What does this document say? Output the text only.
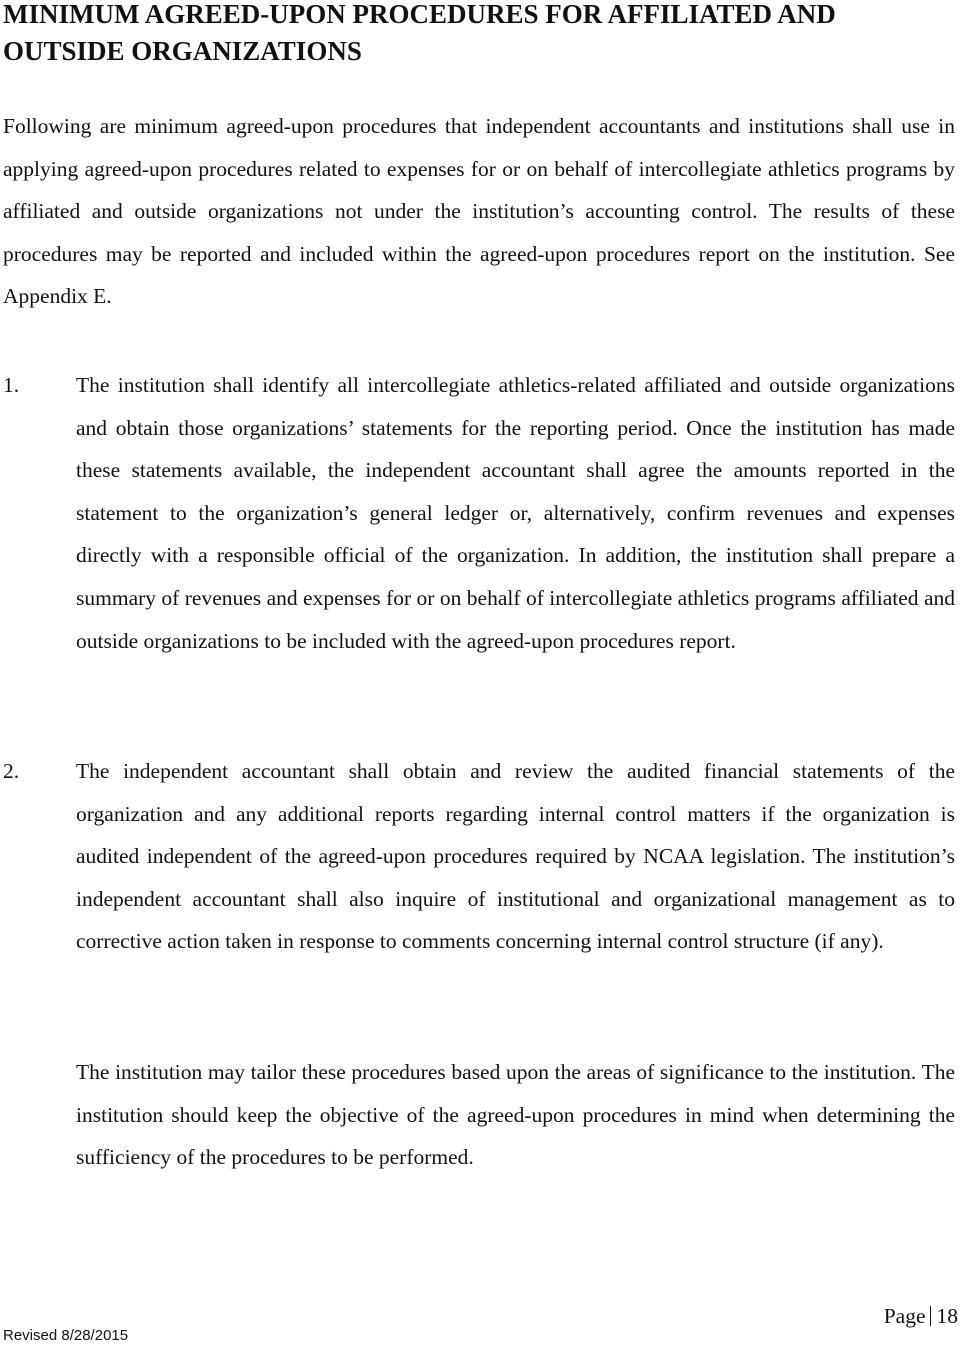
MINIMUM AGREED-UPON PROCEDURES FOR AFFILIATED AND OUTSIDE ORGANIZATIONS

Following are minimum agreed-upon procedures that independent accountants and institutions shall use in applying agreed-upon procedures related to expenses for or on behalf of intercollegiate athletics programs by affiliated and outside organizations not under the institution’s accounting control. The results of these procedures may be reported and included within the agreed-upon procedures report on the institution. See Appendix E.

1.	The institution shall identify all intercollegiate athletics-related affiliated and outside organizations and obtain those organizations’ statements for the reporting period. Once the institution has made these statements available, the independent accountant shall agree the amounts reported in the statement to the organization’s general ledger or, alternatively, confirm revenues and expenses directly with a responsible official of the organization. In addition, the institution shall prepare a summary of revenues and expenses for or on behalf of intercollegiate athletics programs affiliated and outside organizations to be included with the agreed-upon procedures report.

2.	The independent accountant shall obtain and review the audited financial statements of the organization and any additional reports regarding internal control matters if the organization is audited independent of the agreed-upon procedures required by NCAA legislation. The institution’s independent accountant shall also inquire of institutional and organizational management as to corrective action taken in response to comments concerning internal control structure (if any).

The institution may tailor these procedures based upon the areas of significance to the institution. The institution should keep the objective of the agreed-upon procedures in mind when determining the sufficiency of the procedures to be performed.

Revised 8/28/2015
Page 18
